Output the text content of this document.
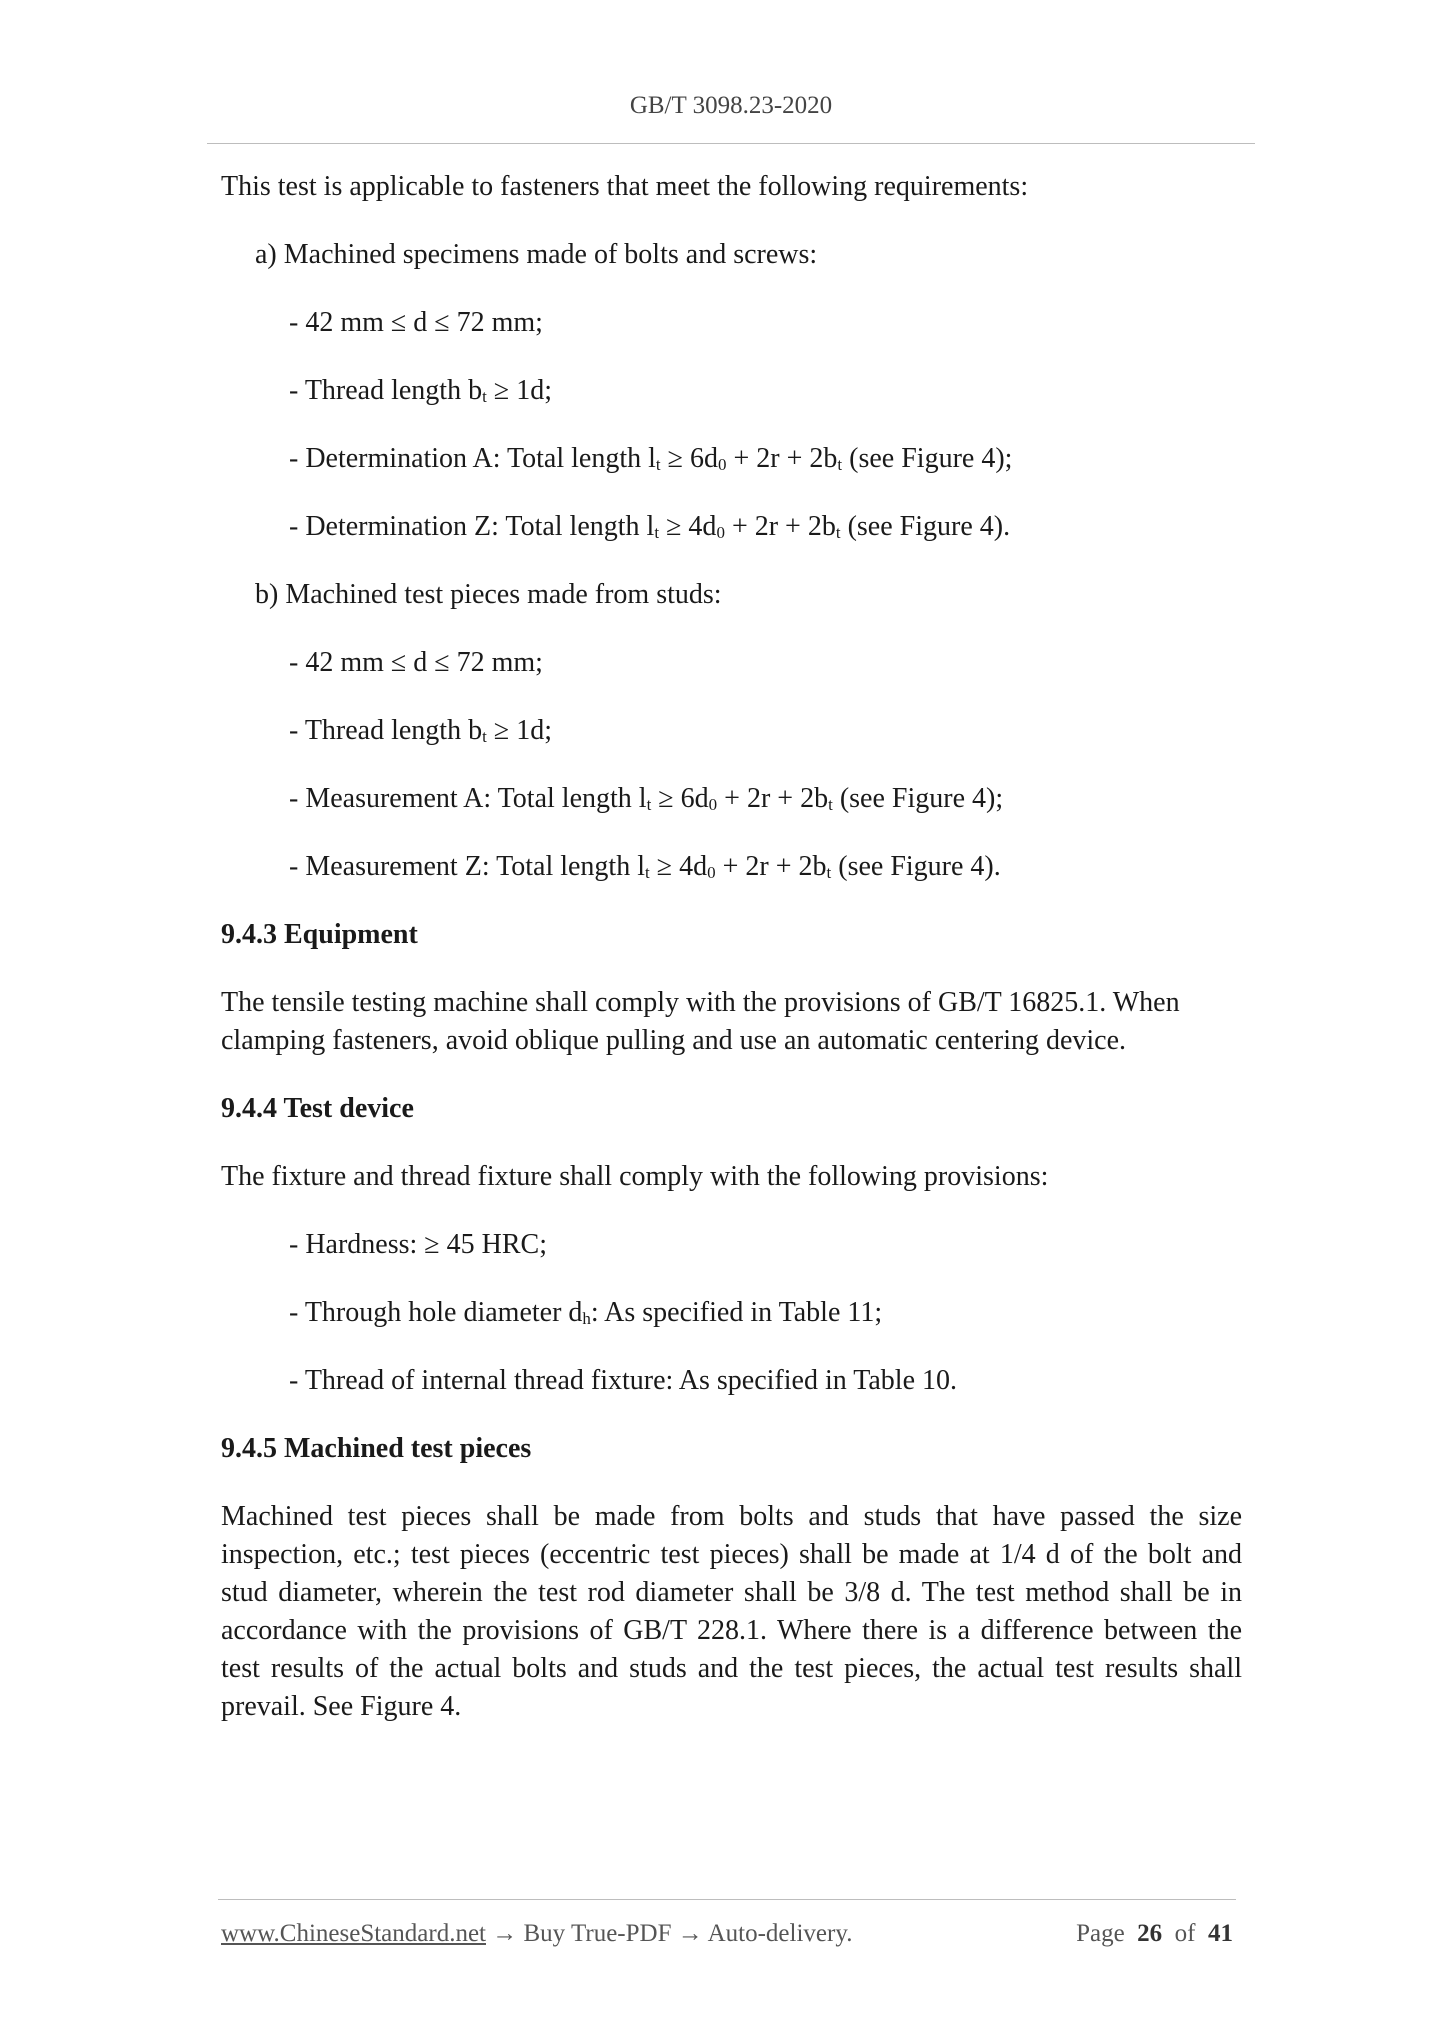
GB/T 3098.23-2020

This test is applicable to fasteners that meet the following requirements:

a) Machined specimens made of bolts and screws:

- 42 mm ≤ d ≤ 72 mm;

- Thread length $b_t \ge 1d$;

- Determination A: Total length $l_t \ge 6d_0 + 2r + 2b_t$ (see Figure 4);

- Determination Z: Total length $l_t \ge 4d_0 + 2r + 2b_t$ (see Figure 4).

b) Machined test pieces made from studs:

- 42 mm ≤ d ≤ 72 mm;

- Thread length $b_t \ge 1d$;

- Measurement A: Total length $l_t \ge 6d_0 + 2r + 2b_t$ (see Figure 4);

- Measurement Z: Total length $l_t \ge 4d_0 + 2r + 2b_t$ (see Figure 4).

9.4.3 Equipment

The tensile testing machine shall comply with the provisions of GB/T 16825.1. When clamping fasteners, avoid oblique pulling and use an automatic centering device.

9.4.4 Test device

The fixture and thread fixture shall comply with the following provisions:

- Hardness: ≥ 45 HRC;

- Through hole diameter $d_h$: As specified in Table 11;

- Thread of internal thread fixture: As specified in Table 10.

9.4.5 Machined test pieces

Machined test pieces shall be made from bolts and studs that have passed the size inspection, etc.; test pieces (eccentric test pieces) shall be made at 1/4 d of the bolt and stud diameter, wherein the test rod diameter shall be 3/8 d. The test method shall be in accordance with the provisions of GB/T 228.1. Where there is a difference between the test results of the actual bolts and studs and the test pieces, the actual test results shall prevail. See Figure 4.

www.ChineseStandard.net → Buy True-PDF → Auto-delivery.	Page 26 of 41
